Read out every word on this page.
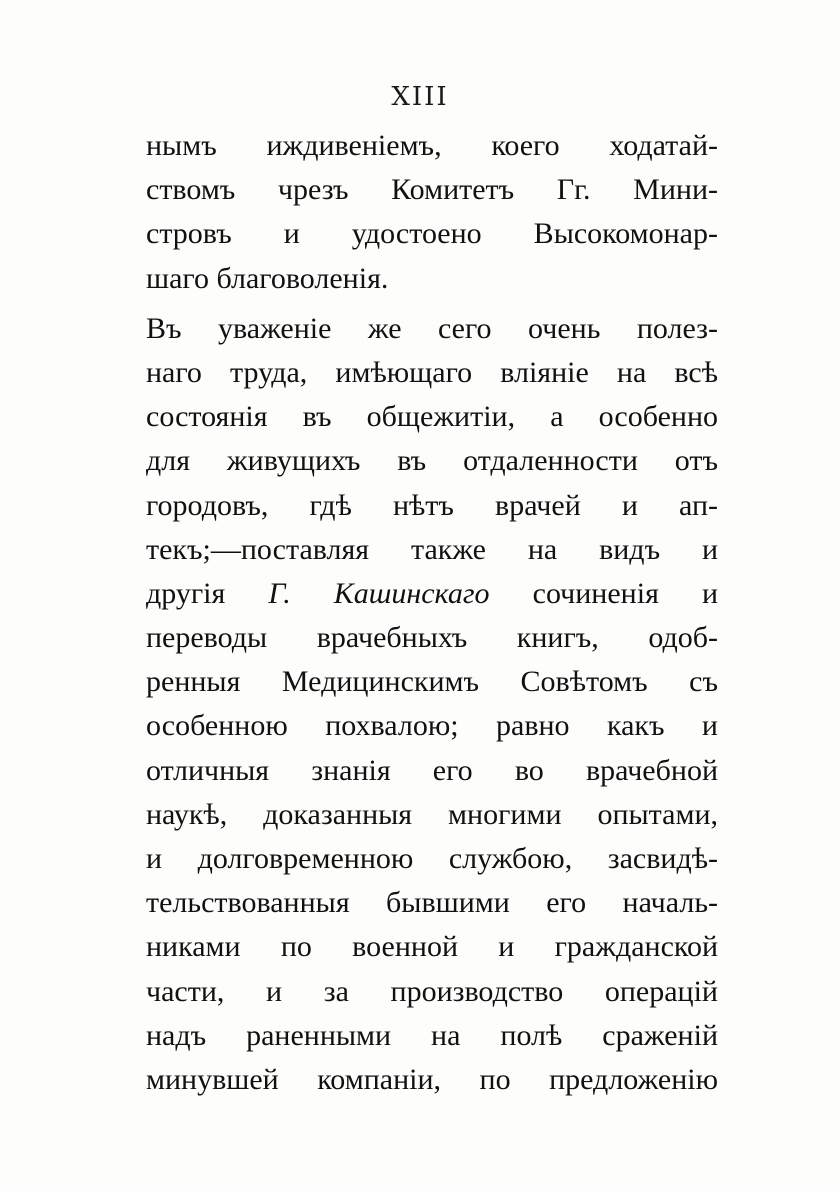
XIII
нымъ иждивенiемъ, коего ходатай-
ствомъ чрезъ Комитетъ Гг. Мини-
стровъ и удостоено Высокомонар-
шаго благоволенiя.
Въ уваженiе же сего очень полез-
наго труда, имѣющаго влiянiе на всѣ
состоянiя въ общежитiи, а особенно
для живущихъ въ отдаленности отъ
городовъ, гдѣ нѣтъ врачей и ап-
текъ;—поставляя также на видъ и
другiя Г. Кашинскаго сочиненiя и
переводы врачебныхъ книгъ, одоб-
ренныя Медицинскимъ Совѣтомъ съ
особенною похвалою; равно какъ и
отличныя знанiя его во врачебной
наукѣ, доказанныя многими опытами,
и долговременною службою, засвидѣ-
тельствованныя бывшими его началь-
никами по военной и гражданской
части, и за производство операцiй
надъ раненными на полѣ сраженiй
минувшей компанiи, по предложенiю
